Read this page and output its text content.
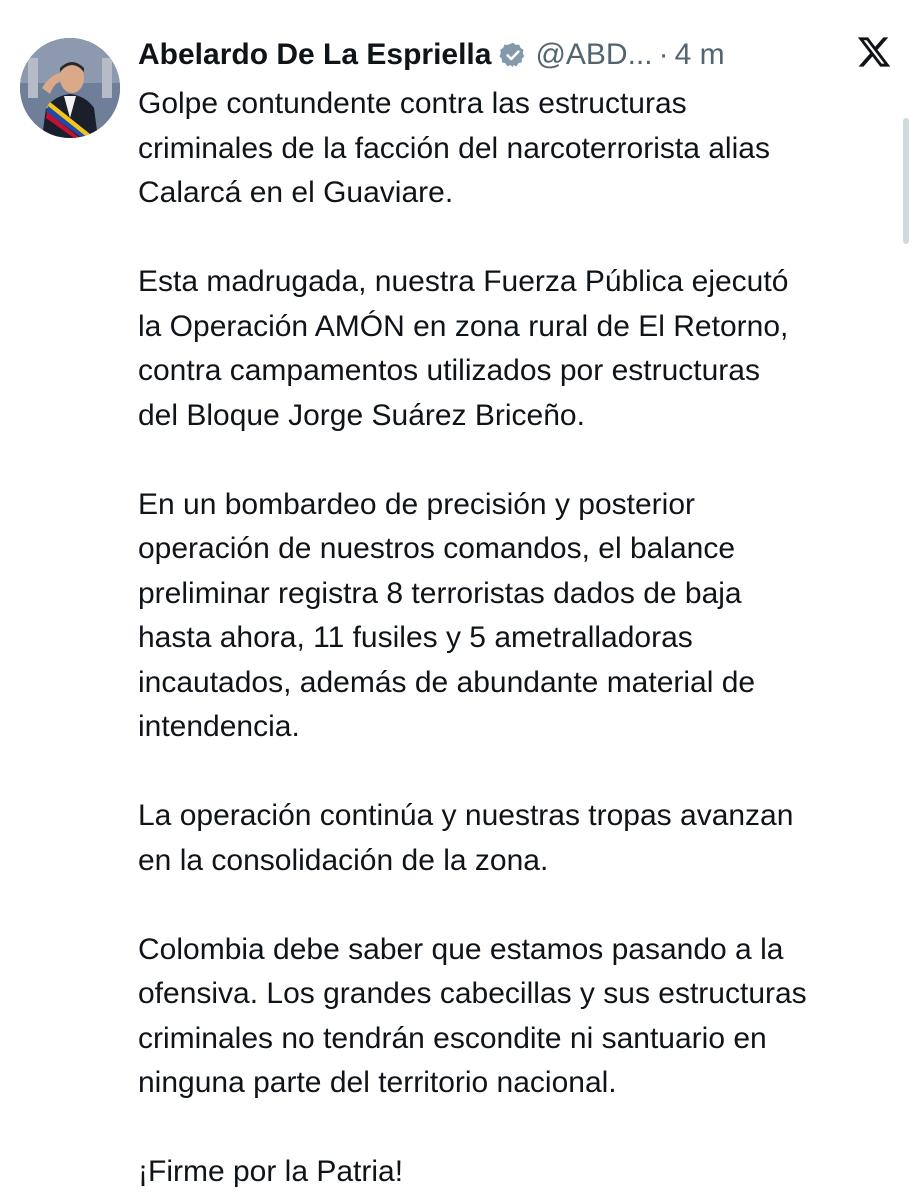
Abelardo De La Espriella @ABD... · 4 m

Golpe contundente contra las estructuras
criminales de la facción del narcoterrorista alias
Calarcá en el Guaviare.

Esta madrugada, nuestra Fuerza Pública ejecutó
la Operación AMÓN en zona rural de El Retorno,
contra campamentos utilizados por estructuras
del Bloque Jorge Suárez Briceño.

En un bombardeo de precisión y posterior
operación de nuestros comandos, el balance
preliminar registra 8 terroristas dados de baja
hasta ahora, 11 fusiles y 5 ametralladoras
incautados, además de abundante material de
intendencia.

La operación continúa y nuestras tropas avanzan
en la consolidación de la zona.

Colombia debe saber que estamos pasando a la
ofensiva. Los grandes cabecillas y sus estructuras
criminales no tendrán escondite ni santuario en
ninguna parte del territorio nacional.

¡Firme por la Patria!
